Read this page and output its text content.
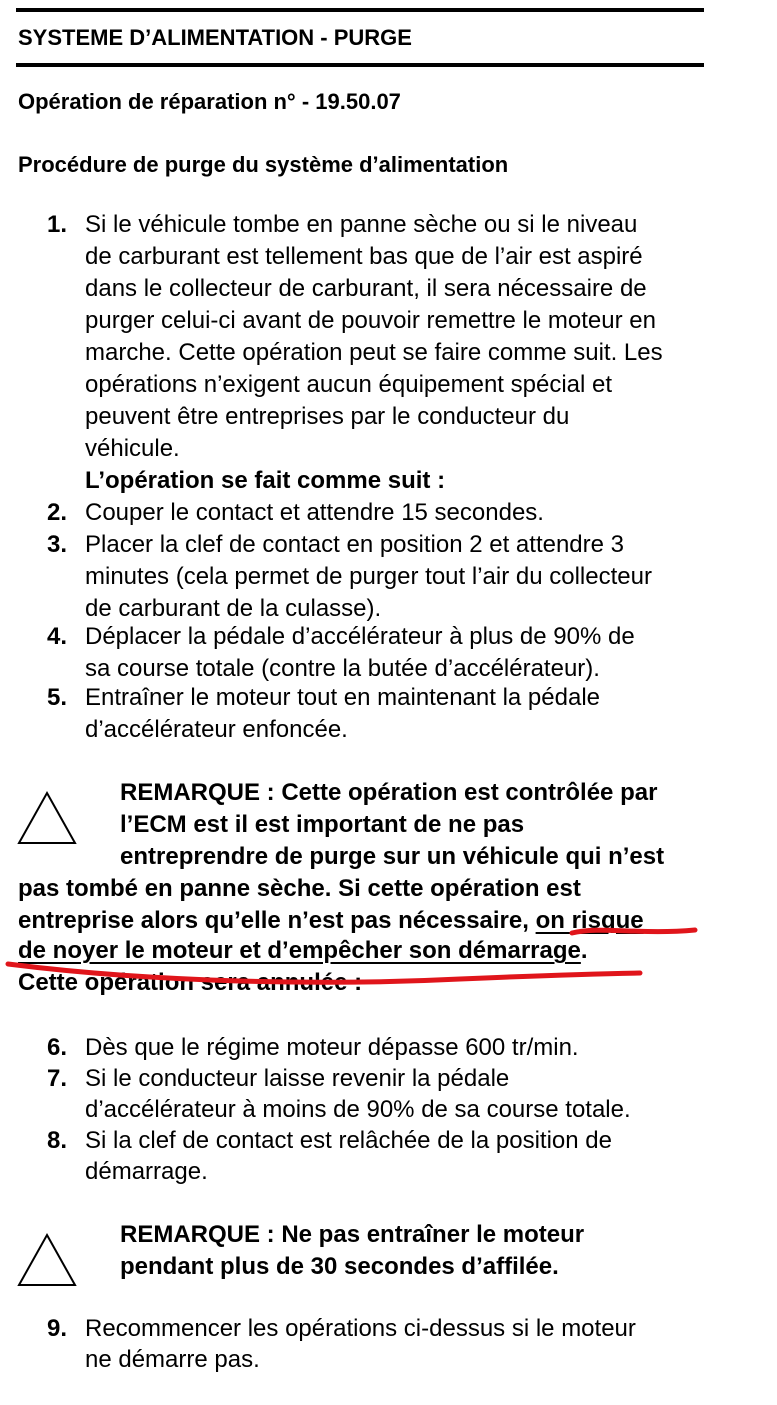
SYSTEME D’ALIMENTATION - PURGE
Opération de réparation n° - 19.50.07
Procédure de purge du système d’alimentation
1. Si le véhicule tombe en panne sèche ou si le niveau
de carburant est tellement bas que de l’air est aspiré
dans le collecteur de carburant, il sera nécessaire de
purger celui-ci avant de pouvoir remettre le moteur en
marche. Cette opération peut se faire comme suit. Les
opérations n’exigent aucun équipement spécial et
peuvent être entreprises par le conducteur du
véhicule.
L’opération se fait comme suit :
2. Couper le contact et attendre 15 secondes.
3. Placer la clef de contact en position 2 et attendre 3
minutes (cela permet de purger tout l’air du collecteur
de carburant de la culasse).
4. Déplacer la pédale d’accélérateur à plus de 90% de
sa course totale (contre la butée d’accélérateur).
5. Entraîner le moteur tout en maintenant la pédale
d’accélérateur enfoncée.
REMARQUE : Cette opération est contrôlée par
l’ECM est il est important de ne pas
entreprendre de purge sur un véhicule qui n’est
pas tombé en panne sèche. Si cette opération est
entreprise alors qu’elle n’est pas nécessaire, on risque
de noyer le moteur et d’empêcher son démarrage.
Cette opération sera annulée :
6. Dès que le régime moteur dépasse 600 tr/min.
7. Si le conducteur laisse revenir la pédale
d’accélérateur à moins de 90% de sa course totale.
8. Si la clef de contact est relâchée de la position de
démarrage.
REMARQUE : Ne pas entraîner le moteur
pendant plus de 30 secondes d’affilée.
9. Recommencer les opérations ci-dessus si le moteur
ne démarre pas.
